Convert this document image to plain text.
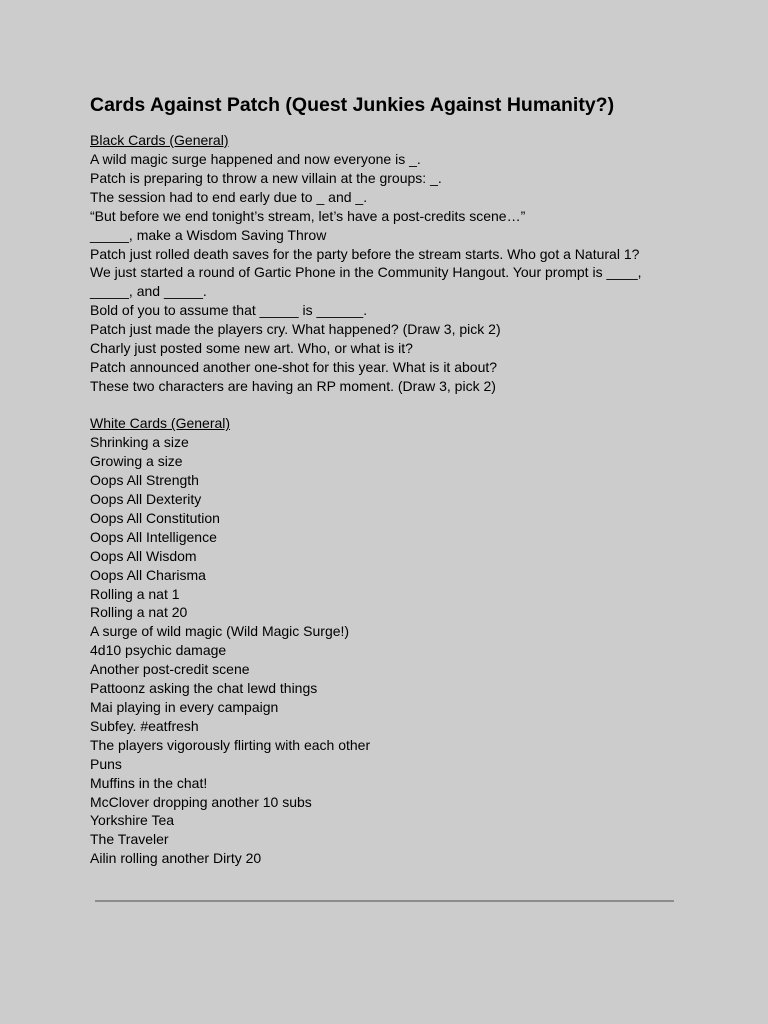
Cards Against Patch (Quest Junkies Against Humanity?)
Black Cards (General)
A wild magic surge happened and now everyone is _.
Patch is preparing to throw a new villain at the groups: _.
The session had to end early due to _ and _.
“But before we end tonight’s stream, let’s have a post-credits scene…”
_____, make a Wisdom Saving Throw
Patch just rolled death saves for the party before the stream starts. Who got a Natural 1?
We just started a round of Gartic Phone in the Community Hangout. Your prompt is ____,
_____, and _____.
Bold of you to assume that _____ is ______.
Patch just made the players cry. What happened? (Draw 3, pick 2)
Charly just posted some new art. Who, or what is it?
Patch announced another one-shot for this year. What is it about?
These two characters are having an RP moment. (Draw 3, pick 2)
White Cards (General)
Shrinking a size
Growing a size
Oops All Strength
Oops All Dexterity
Oops All Constitution
Oops All Intelligence
Oops All Wisdom
Oops All Charisma
Rolling a nat 1
Rolling a nat 20
A surge of wild magic (Wild Magic Surge!)
4d10 psychic damage
Another post-credit scene
Pattoonz asking the chat lewd things
Mai playing in every campaign
Subfey. #eatfresh
The players vigorously flirting with each other
Puns
Muffins in the chat!
McClover dropping another 10 subs
Yorkshire Tea
The Traveler
Ailin rolling another Dirty 20
